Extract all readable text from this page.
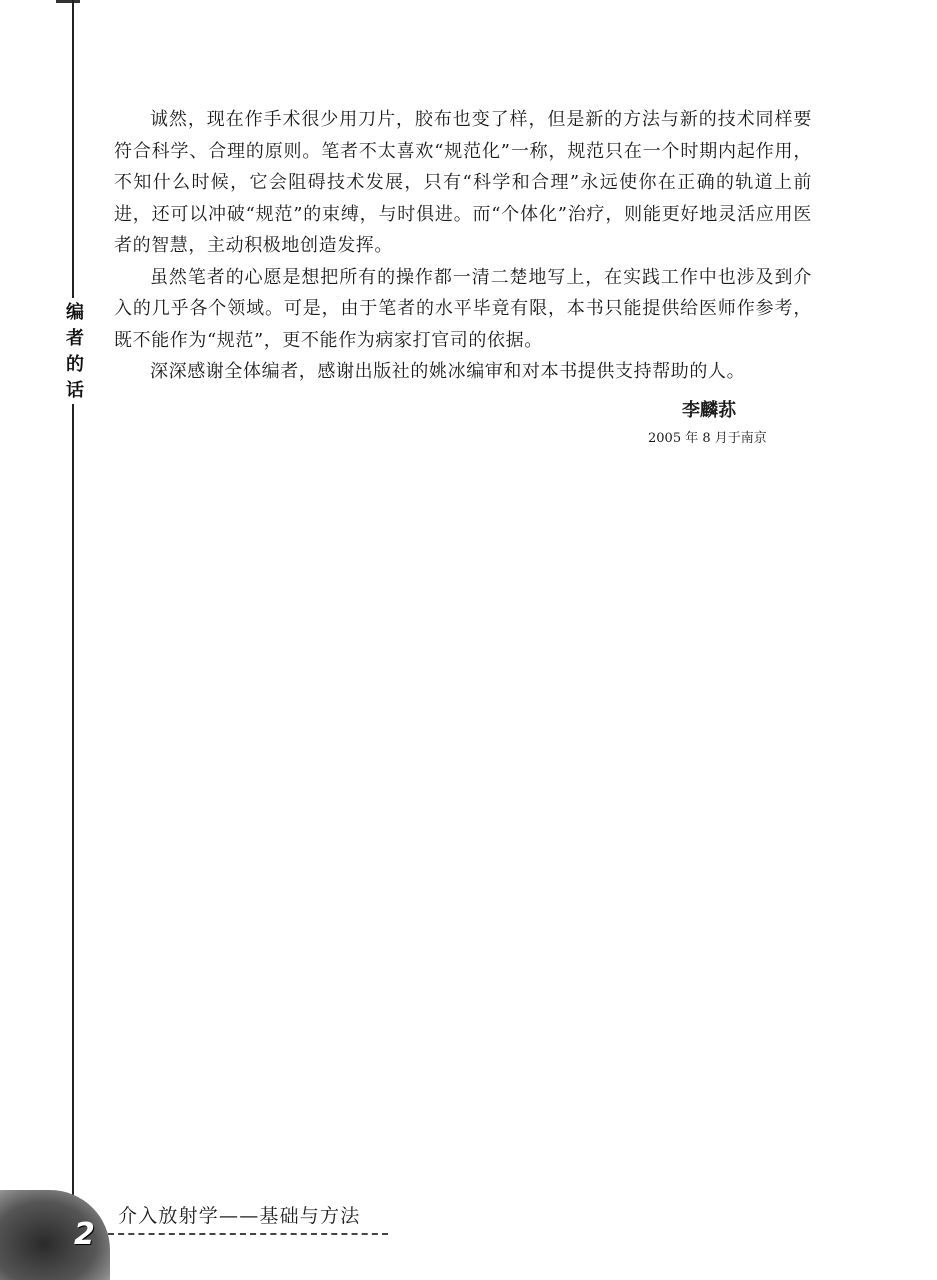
编
者
的
话

诚然，现在作手术很少用刀片，胶布也变了样，但是新的方法与新的技术同样要符合科学、合理的原则。笔者不太喜欢“规范化”一称，规范只在一个时期内起作用，不知什么时候，它会阻碍技术发展，只有“科学和合理”永远使你在正确的轨道上前进，还可以冲破“规范”的束缚，与时俱进。而“个体化”治疗，则能更好地灵活应用医者的智慧，主动积极地创造发挥。

虽然笔者的心愿是想把所有的操作都一清二楚地写上，在实践工作中也涉及到介入的几乎各个领域。可是，由于笔者的水平毕竟有限，本书只能提供给医师作参考，既不能作为“规范”，更不能作为病家打官司的依据。

深深感谢全体编者，感谢出版社的姚冰编审和对本书提供支持帮助的人。

李麟荪
2005 年 8 月于南京
2
介入放射学——基础与方法
